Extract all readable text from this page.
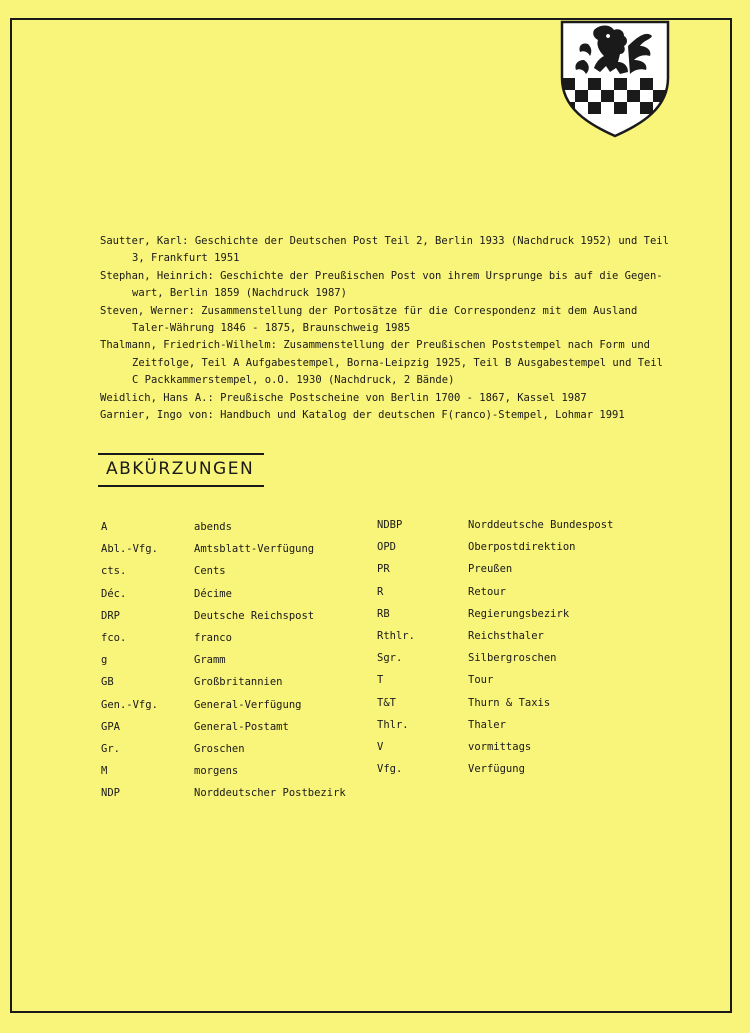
Sautter, Karl: Geschichte der Deutschen Post Teil 2, Berlin 1933 (Nachdruck 1952) und Teil
3, Frankfurt 1951

Stephan, Heinrich: Geschichte der Preußischen Post von ihrem Ursprunge bis auf die Gegen-
wart, Berlin 1859 (Nachdruck 1987)

Steven, Werner: Zusammenstellung der Portosätze für die Correspondenz mit dem Ausland
Taler-Währung 1846 - 1875, Braunschweig 1985

Thalmann, Friedrich-Wilhelm: Zusammenstellung der Preußischen Poststempel nach Form und
Zeitfolge, Teil A Aufgabestempel, Borna-Leipzig 1925, Teil B Ausgabestempel und Teil
C Packkammerstempel, o.O. 1930 (Nachdruck, 2 Bände)

Weidlich, Hans A.: Preußische Postscheine von Berlin 1700 - 1867, Kassel 1987

Garnier, Ingo von: Handbuch und Katalog der deutschen F(ranco)-Stempel, Lohmar 1991

ABKÜRZUNGEN
A	abends
Abl.-Vfg.	Amtsblatt-Verfügung
cts.	Cents
Déc.	Décime
DRP	Deutsche Reichspost
fco.	franco
g	Gramm
GB	Großbritannien
Gen.-Vfg.	General-Verfügung
GPA	General-Postamt
Gr.	Groschen
M	morgens
NDP	Norddeutscher Postbezirk
NDBP	Norddeutsche Bundespost
OPD	Oberpostdirektion
PR	Preußen
R	Retour
RB	Regierungsbezirk
Rthlr.	Reichsthaler
Sgr.	Silbergroschen
T	Tour
T&T	Thurn & Taxis
Thlr.	Thaler
V	vormittags
Vfg.	Verfügung
